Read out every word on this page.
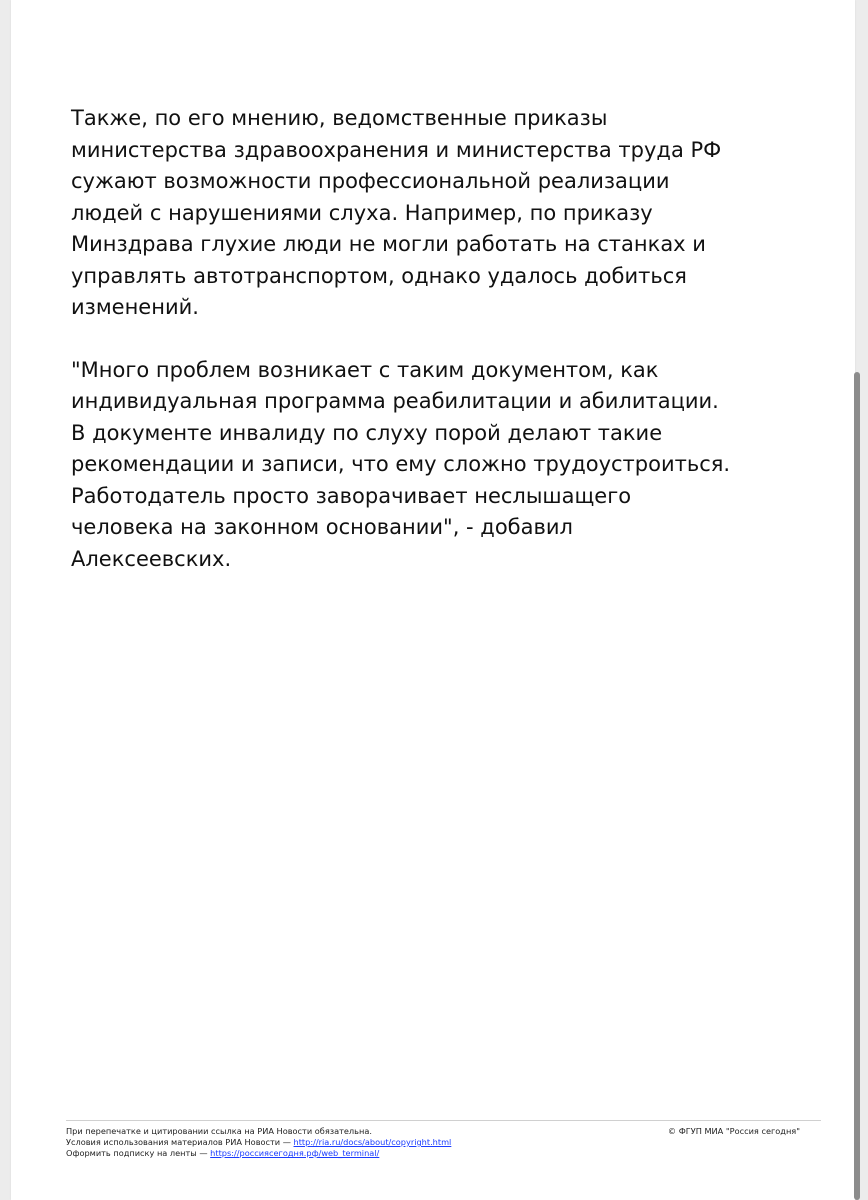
Также, по его мнению, ведомственные приказы
министерства здравоохранения и министерства труда РФ
сужают возможности профессиональной реализации
людей с нарушениями слуха. Например, по приказу
Минздрава глухие люди не могли работать на станках и
управлять автотранспортом, однако удалось добиться
изменений.

"Много проблем возникает с таким документом, как
индивидуальная программа реабилитации и абилитации.
В документе инвалиду по слуху порой делают такие
рекомендации и записи, что ему сложно трудоустроиться.
Работодатель просто заворачивает неслышащего
человека на законном основании", - добавил
Алексеевских.

При перепечатке и цитировании ссылка на РИА Новости обязательна.
Условия использования материалов РИА Новости — http://ria.ru/docs/about/copyright.html
Оформить подписку на ленты — https://россиясегодня.рф/web_terminal/
© ФГУП МИА "Россия сегодня"
